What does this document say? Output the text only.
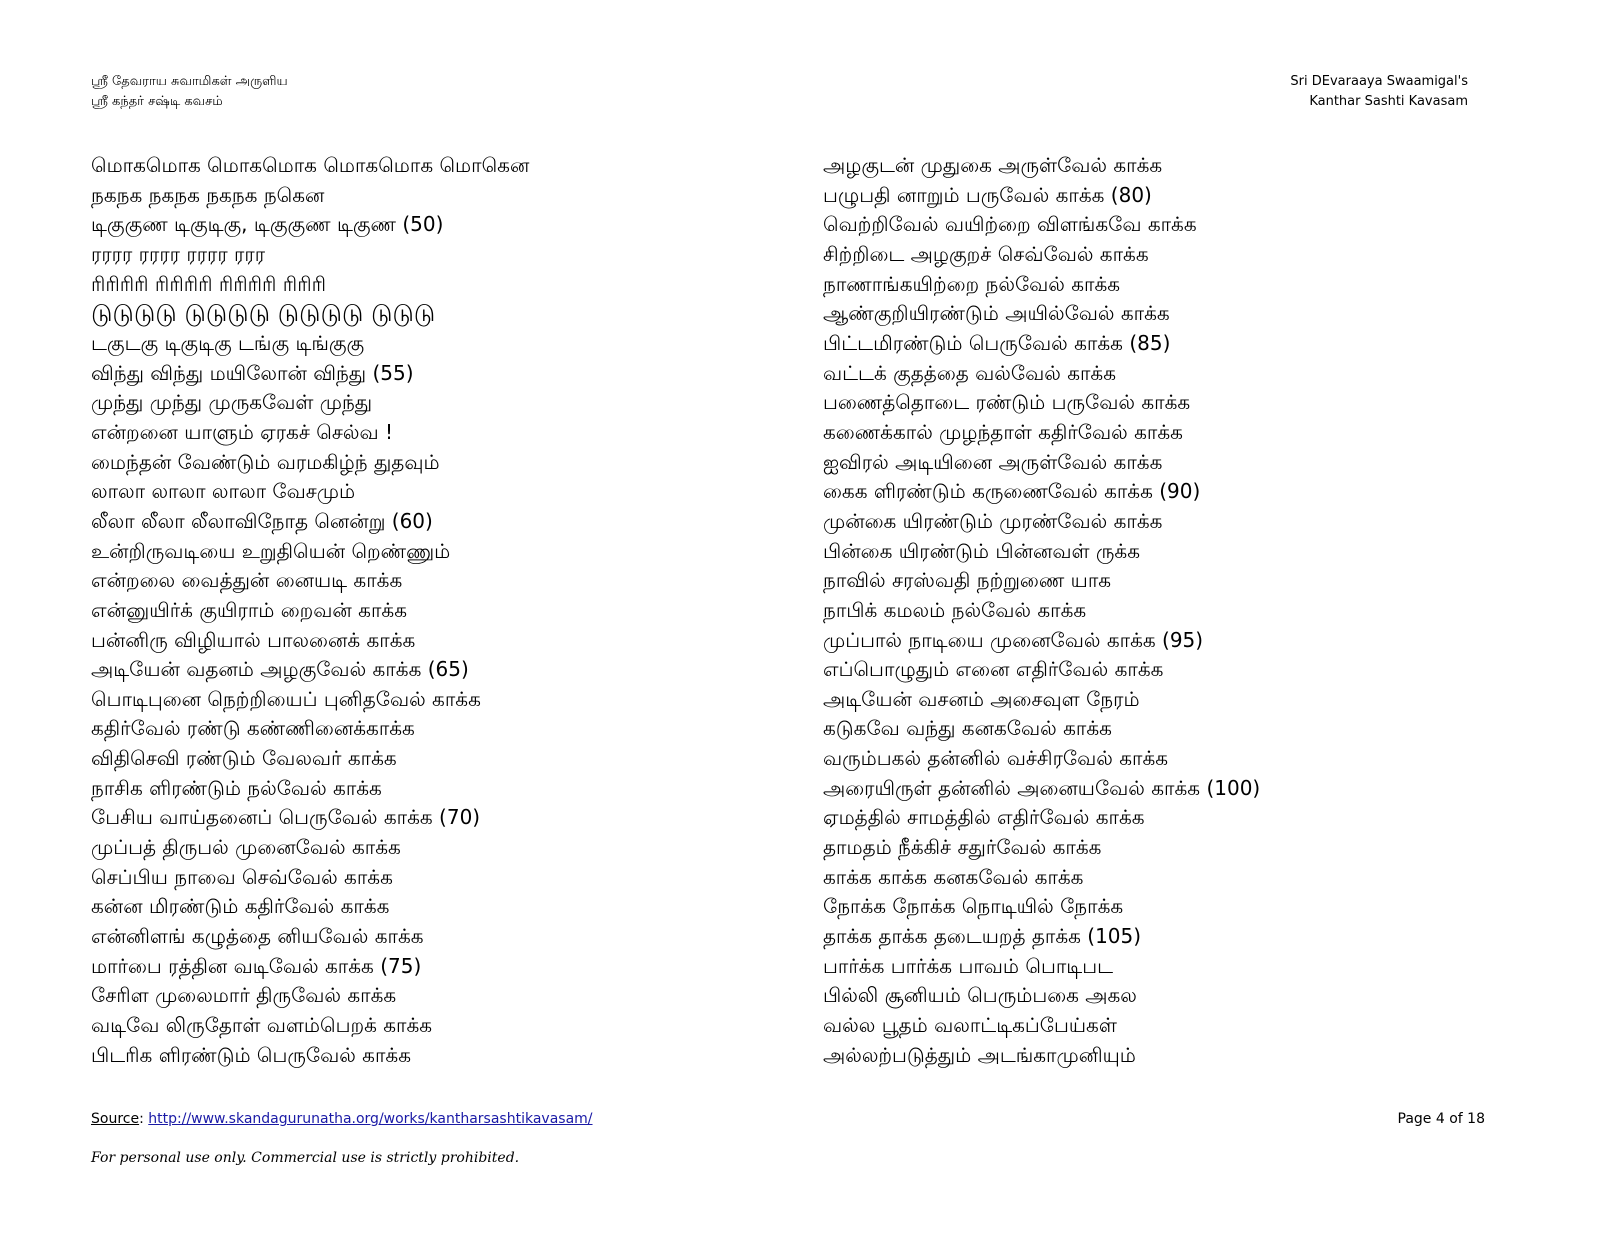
ஸ்ரீ தேவராய சுவாமிகள் அருளிய
ஸ்ரீ கந்தர் சஷ்டி கவசம்
Sri DEvaraaya Swaamigal's
Kanthar Sashti Kavasam
மொகமொக மொகமொக மொகமொக மொகென
நகநக நகநக நகநக நகென
டிகுகுண டிகுடிகு, டிகுகுண டிகுண (50)
ரரரர ரரரர ரரரர ரரர
ரிரிரிரி ரிரிரிரி ரிரிரிரி ரிரிரி
டுடுடுடு டுடுடுடு டுடுடுடு டுடுடு
டகுடகு டிகுடிகு டங்கு டிங்குகு
விந்து விந்து மயிலோன் விந்து (55)
முந்து முந்து முருகவேள் முந்து
என்றனை யாளும் ஏரகச் செல்வ !
மைந்தன் வேண்டும் வரமகிழ்ந் துதவும்
லாலா லாலா லாலா வேசமும்
லீலா லீலா லீலாவிநோத னென்று (60)
உன்றிருவடியை உறுதியென் றெண்ணும்
என்றலை வைத்துன் னையடி காக்க
என்னுயிர்க் குயிராம் றைவன் காக்க
பன்னிரு விழியால் பாலனைக் காக்க
அடியேன் வதனம் அழகுவேல் காக்க (65)
பொடிபுனை நெற்றியைப் புனிதவேல் காக்க
கதிர்வேல் ரண்டு கண்ணினைக்காக்க
விதிசெவி ரண்டும் வேலவர் காக்க
நாசிக ளிரண்டும் நல்வேல் காக்க
பேசிய வாய்தனைப் பெருவேல் காக்க (70)
முப்பத் திருபல் முனைவேல் காக்க
செப்பிய நாவை செவ்வேல் காக்க
கன்ன மிரண்டும் கதிர்வேல் காக்க
என்னிளங் கழுத்தை னியவேல் காக்க
மார்பை ரத்தின வடிவேல் காக்க (75)
சேரிள முலைமார் திருவேல் காக்க
வடிவே லிருதோள் வளம்பெறக் காக்க
பிடரிக ளிரண்டும் பெருவேல் காக்க
அழகுடன் முதுகை அருள்வேல் காக்க
பழுபதி னாறும் பருவேல் காக்க (80)
வெற்றிவேல் வயிற்றை விளங்கவே காக்க
சிற்றிடை அழகுறச் செவ்வேல் காக்க
நாணாங்கயிற்றை நல்வேல் காக்க
ஆண்குறியிரண்டும் அயில்வேல் காக்க
பிட்டமிரண்டும் பெருவேல் காக்க (85)
வட்டக் குதத்தை வல்வேல் காக்க
பணைத்தொடை ரண்டும் பருவேல் காக்க
கணைக்கால் முழந்தாள் கதிர்வேல் காக்க
ஐவிரல் அடியினை அருள்வேல் காக்க
கைக ளிரண்டும் கருணைவேல் காக்க (90)
முன்கை யிரண்டும் முரண்வேல் காக்க
பின்கை யிரண்டும் பின்னவள் ருக்க
நாவில் சரஸ்வதி நற்றுணை யாக
நாபிக் கமலம் நல்வேல் காக்க
முப்பால் நாடியை முனைவேல் காக்க (95)
எப்பொழுதும் எனை எதிர்வேல் காக்க
அடியேன் வசனம் அசைவுள நேரம்
கடுகவே வந்து கனகவேல் காக்க
வரும்பகல் தன்னில் வச்சிரவேல் காக்க
அரையிருள் தன்னில் அனையவேல் காக்க (100)
ஏமத்தில் சாமத்தில் எதிர்வேல் காக்க
தாமதம் நீக்கிச் சதுர்வேல் காக்க
காக்க காக்க கனகவேல் காக்க
நோக்க நோக்க நொடியில் நோக்க
தாக்க தாக்க தடையறத் தாக்க (105)
பார்க்க பார்க்க பாவம் பொடிபட
பில்லி சூனியம் பெரும்பகை அகல
வல்ல பூதம் வலாட்டிகப்பேய்கள்
அல்லற்படுத்தும் அடங்காமுனியும்
Source: http://www.skandagurunatha.org/works/kantharsashtikavasam/	Page 4 of 18
For personal use only. Commercial use is strictly prohibited.
